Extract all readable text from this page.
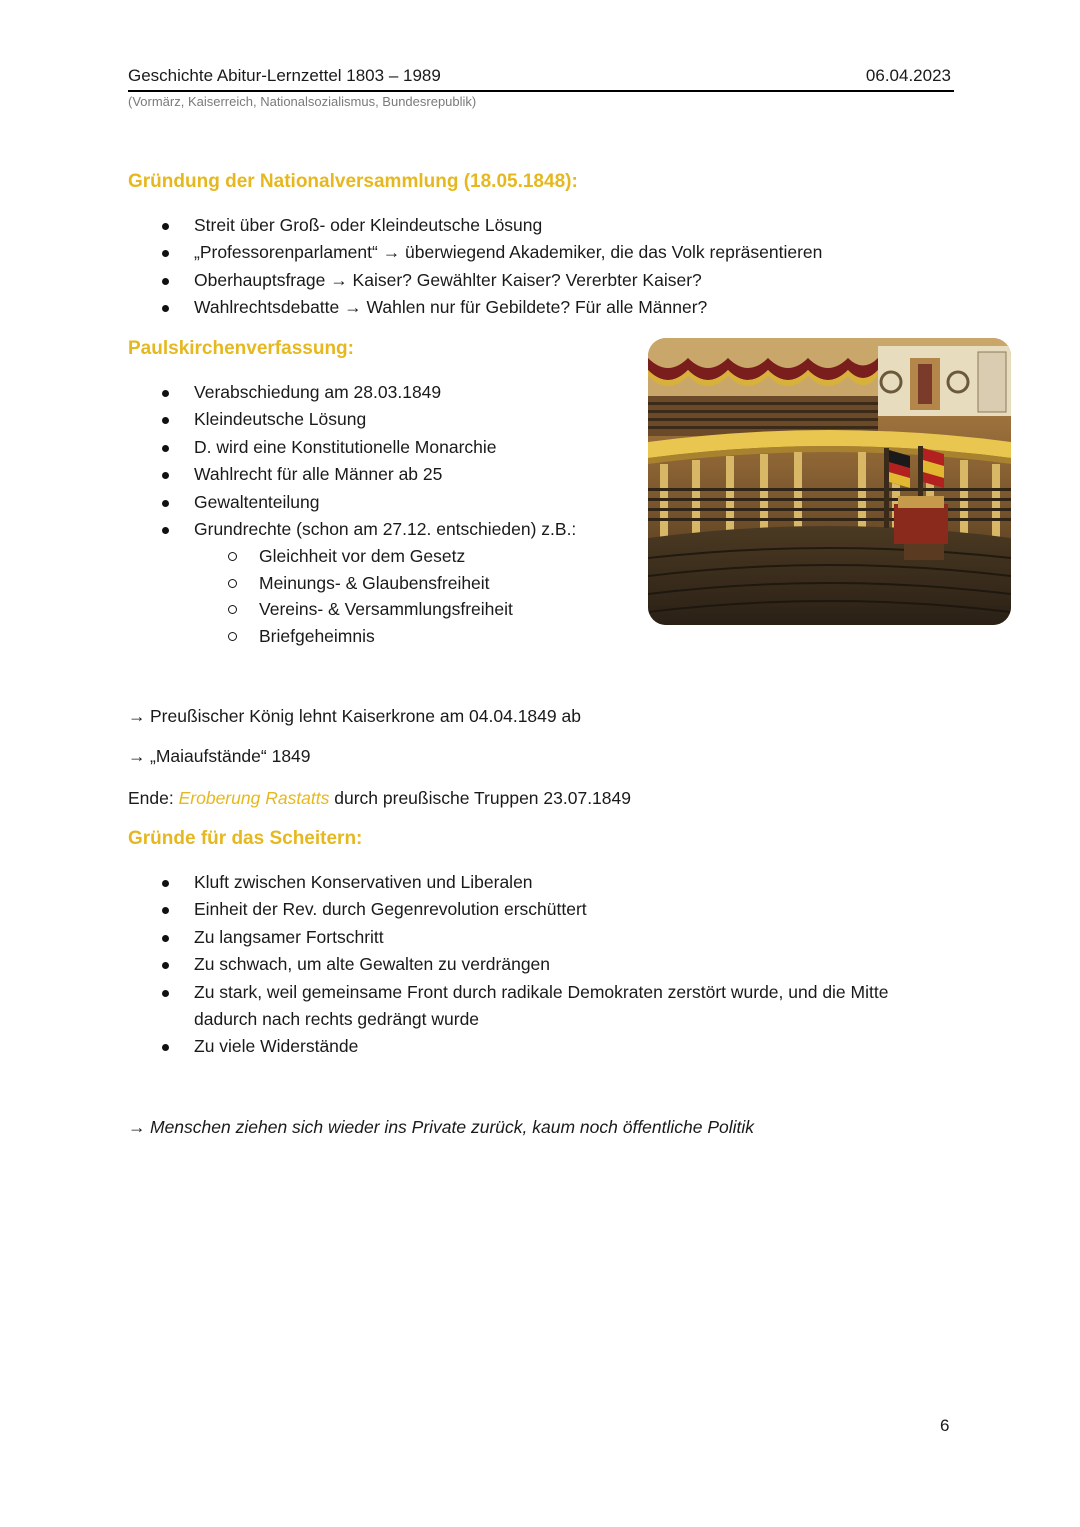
Geschichte Abitur-Lernzettel 1803 – 1989	06.04.2023
(Vormärz, Kaiserreich, Nationalsozialismus, Bundesrepublik)
Gründung der Nationalversammlung (18.05.1848):
Streit über Groß- oder Kleindeutsche Lösung
„Professorenparlament“ → überwiegend Akademiker, die das Volk repräsentieren
Oberhauptsfrage → Kaiser? Gewählter Kaiser? Vererbter Kaiser?
Wahlrechtsdebatte → Wahlen nur für Gebildete? Für alle Männer?
Paulskirchenverfassung:
Verabschiedung am 28.03.1849
Kleindeutsche Lösung
D. wird eine Konstitutionelle Monarchie
Wahlrecht für alle Männer ab 25
Gewaltenteilung
Grundrechte (schon am 27.12. entschieden) z.B.:
Gleichheit vor dem Gesetz
Meinungs- & Glaubensfreiheit
Vereins- & Versammlungsfreiheit
Briefgeheimnis
→ Preußischer König lehnt Kaiserkrone am 04.04.1849 ab
→ „Maiaufstände“ 1849
Ende: Eroberung Rastatts durch preußische Truppen 23.07.1849
Gründe für das Scheitern:
Kluft zwischen Konservativen und Liberalen
Einheit der Rev. durch Gegenrevolution erschüttert
Zu langsamer Fortschritt
Zu schwach, um alte Gewalten zu verdrängen
Zu stark, weil gemeinsame Front durch radikale Demokraten zerstört wurde, und die Mitte dadurch nach rechts gedrängt wurde
Zu viele Widerstände
→ Menschen ziehen sich wieder ins Private zurück, kaum noch öffentliche Politik
6
